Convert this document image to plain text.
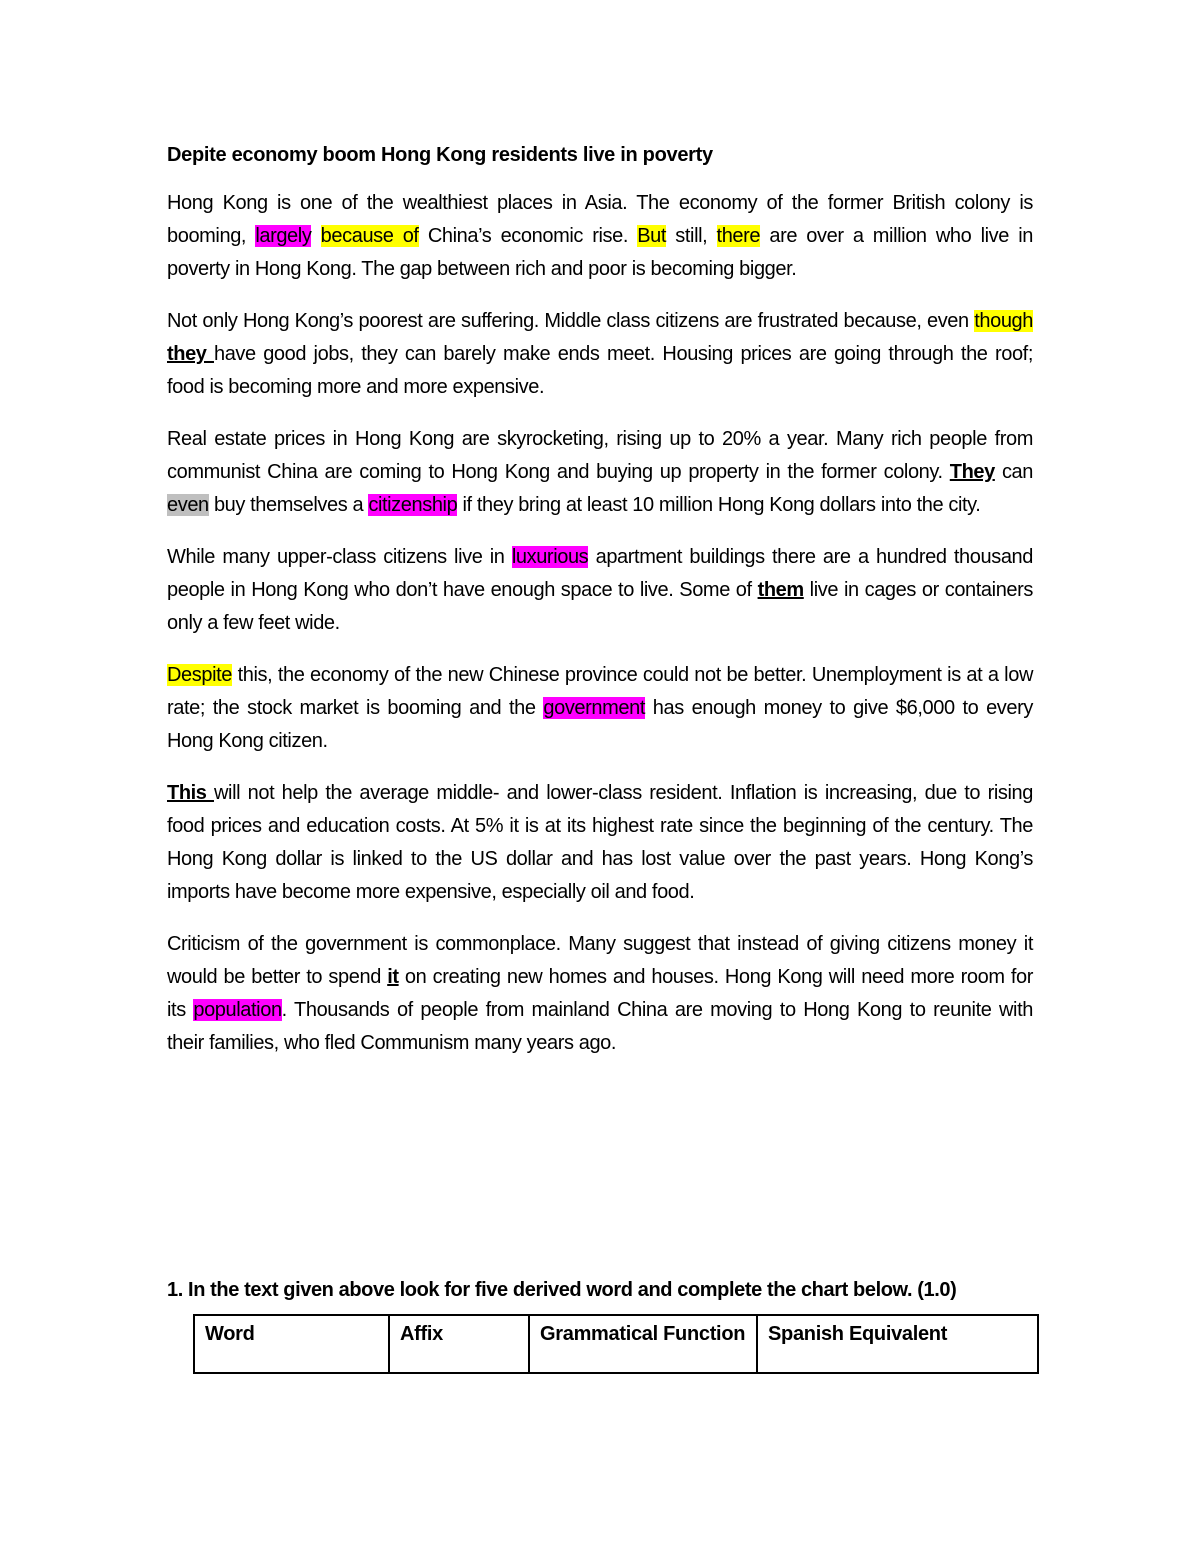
Depite economy boom Hong Kong residents live in poverty

Hong Kong is one of the wealthiest places in Asia. The economy of the former British colony is booming, largely because of China’s economic rise. But still, there are over a million who live in poverty in Hong Kong. The gap between rich and poor is becoming bigger.

Not only Hong Kong’s poorest are suffering. Middle class citizens are frustrated because, even though they have good jobs, they can barely make ends meet. Housing prices are going through the roof; food is becoming more and more expensive.

Real estate prices in Hong Kong are skyrocketing, rising up to 20% a year. Many rich people from communist China are coming to Hong Kong and buying up property in the former colony. They can even buy themselves a citizenship if they bring at least 10 million Hong Kong dollars into the city.

While many upper-class citizens live in luxurious apartment buildings there are a hundred thousand people in Hong Kong who don’t have enough space to live. Some of them live in cages or containers only a few feet wide.

Despite this, the economy of the new Chinese province could not be better. Unemployment is at a low rate; the stock market is booming and the government has enough money to give $6,000 to every Hong Kong citizen.

This will not help the average middle- and lower-class resident. Inflation is increasing, due to rising food prices and education costs. At 5% it is at its highest rate since the beginning of the century. The Hong Kong dollar is linked to the US dollar and has lost value over the past years. Hong Kong’s imports have become more expensive, especially oil and food.

Criticism of the government is commonplace. Many suggest that instead of giving citizens money it would be better to spend it on creating new homes and houses. Hong Kong will need more room for its population. Thousands of people from mainland China are moving to Hong Kong to reunite with their families, who fled Communism many years ago.

1. In the text given above look for five derived word and complete the chart below. (1.0)
Word	Affix	Grammatical Function	Spanish Equivalent
